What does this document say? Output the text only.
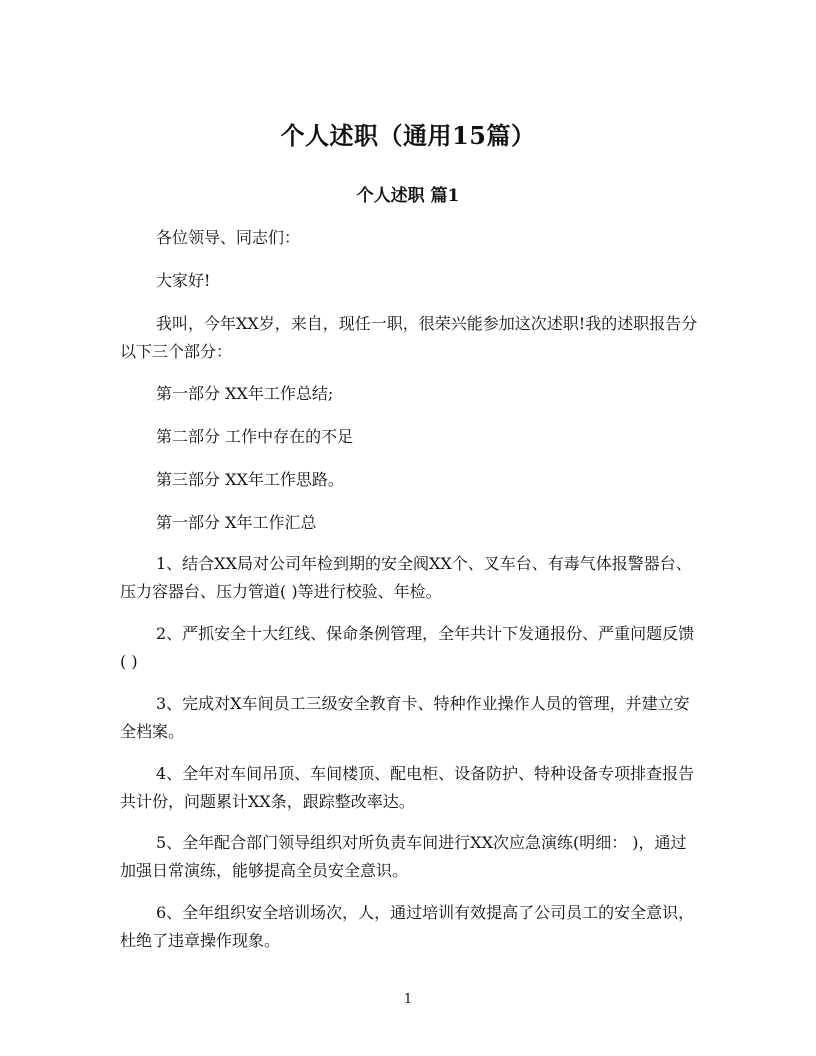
个人述职（通用15篇）
个人述职 篇1

各位领导、同志们：

大家好!

我叫，今年XX岁，来自，现任一职，很荣兴能参加这次述职!我的述职报告分以下三个部分：

第一部分 XX年工作总结;

第二部分 工作中存在的不足

第三部分 XX年工作思路。

第一部分 X年工作汇总

1、结合XX局对公司年检到期的安全阀XX个、叉车台、有毒气体报警器台、压力容器台、压力管道( )等进行校验、年检。

2、严抓安全十大红线、保命条例管理，全年共计下发通报份、严重问题反馈( )

3、完成对X车间员工三级安全教育卡、特种作业操作人员的管理，并建立安全档案。

4、全年对车间吊顶、车间楼顶、配电柜、设备防护、特种设备专项排查报告共计份，问题累计XX条，跟踪整改率达。

5、全年配合部门领导组织对所负责车间进行XX次应急演练(明细： )，通过加强日常演练，能够提高全员安全意识。

6、全年组织安全培训场次，人，通过培训有效提高了公司员工的安全意识，杜绝了违章操作现象。

1
